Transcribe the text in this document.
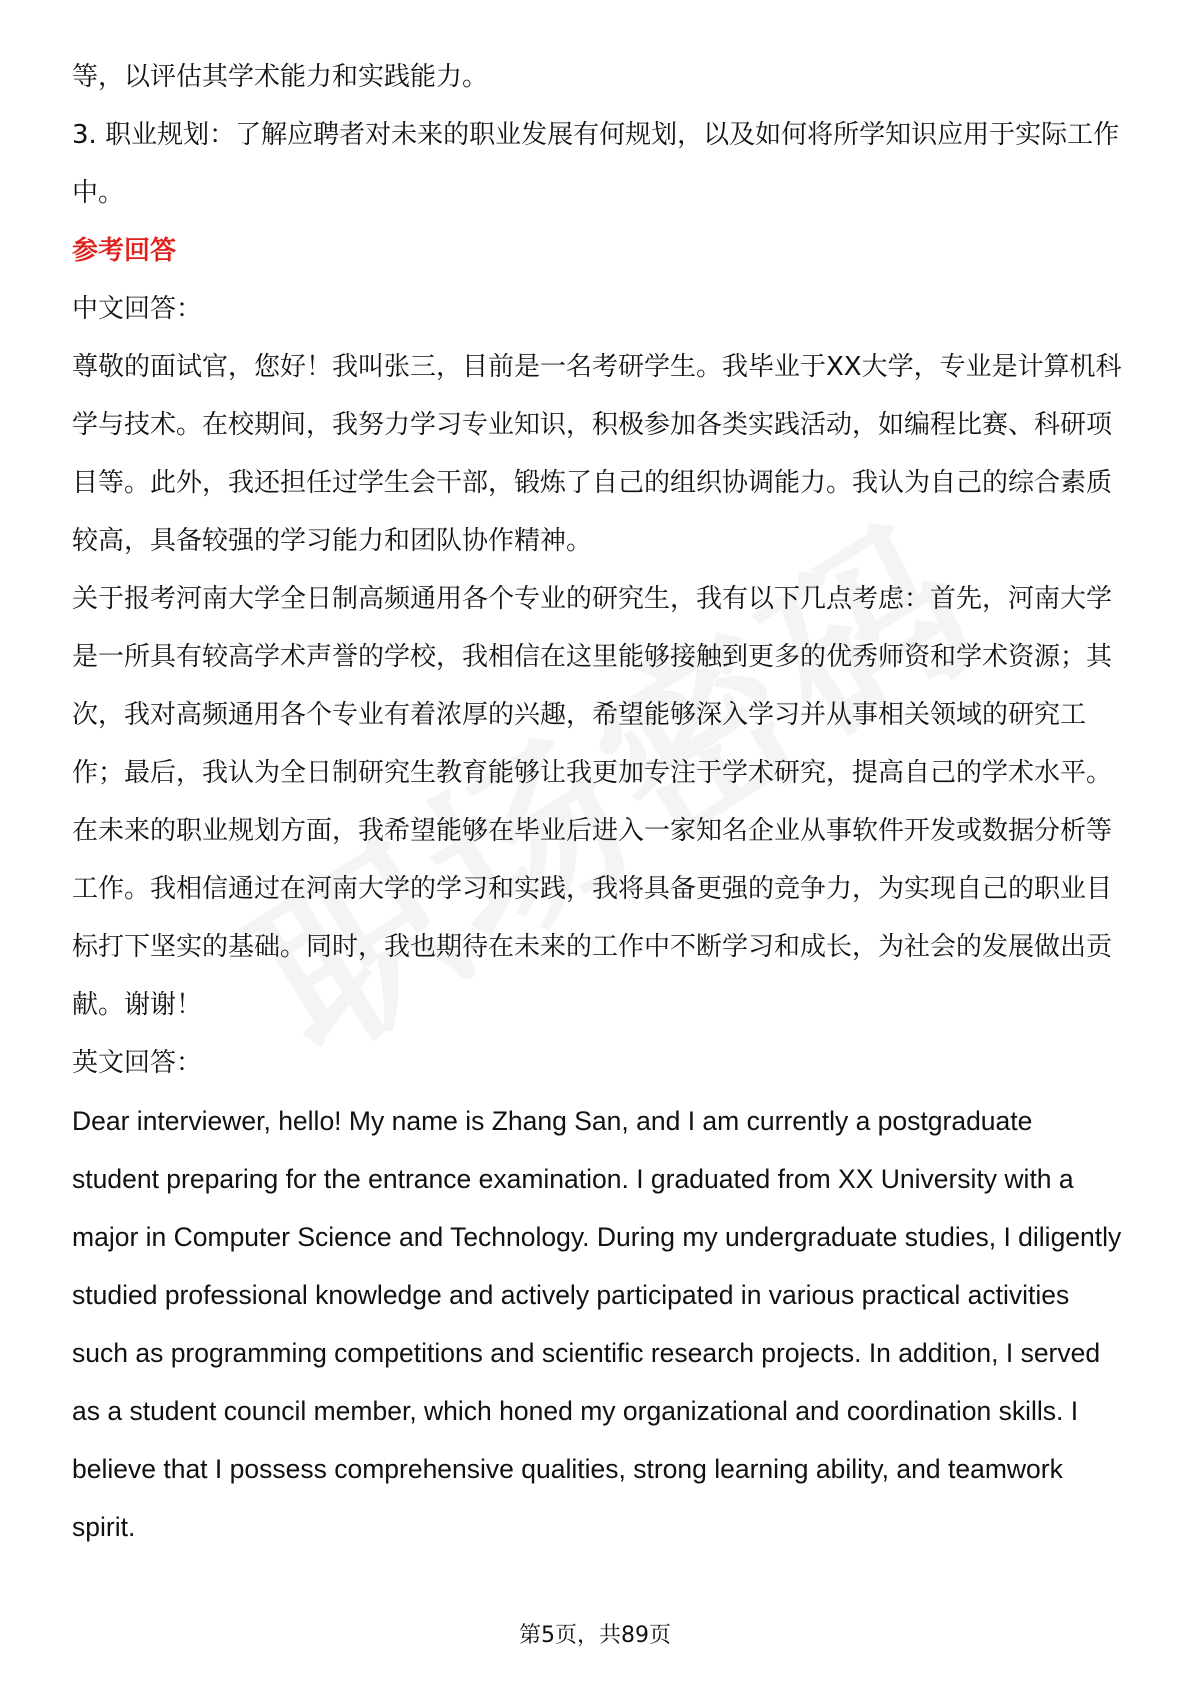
等，以评估其学术能力和实践能力。

3. 职业规划：了解应聘者对未来的职业发展有何规划，以及如何将所学知识应用于实际工作中。

参考回答

中文回答：

尊敬的面试官，您好！我叫张三，目前是一名考研学生。我毕业于XX大学，专业是计算机科学与技术。在校期间，我努力学习专业知识，积极参加各类实践活动，如编程比赛、科研项目等。此外，我还担任过学生会干部，锻炼了自己的组织协调能力。我认为自己的综合素质较高，具备较强的学习能力和团队协作精神。

关于报考河南大学全日制高频通用各个专业的研究生，我有以下几点考虑：首先，河南大学是一所具有较高学术声誉的学校，我相信在这里能够接触到更多的优秀师资和学术资源；其次，我对高频通用各个专业有着浓厚的兴趣，希望能够深入学习并从事相关领域的研究工作；最后，我认为全日制研究生教育能够让我更加专注于学术研究，提高自己的学术水平。

在未来的职业规划方面，我希望能够在毕业后进入一家知名企业从事软件开发或数据分析等工作。我相信通过在河南大学的学习和实践，我将具备更强的竞争力，为实现自己的职业目标打下坚实的基础。同时，我也期待在未来的工作中不断学习和成长，为社会的发展做出贡献。谢谢！

英文回答：

Dear interviewer, hello! My name is Zhang San, and I am currently a postgraduate student preparing for the entrance examination. I graduated from XX University with a major in Computer Science and Technology. During my undergraduate studies, I diligently studied professional knowledge and actively participated in various practical activities such as programming competitions and scientific research projects. In addition, I served as a student council member, which honed my organizational and coordination skills. I believe that I possess comprehensive qualities, strong learning ability, and teamwork spirit.

第5页，共89页
